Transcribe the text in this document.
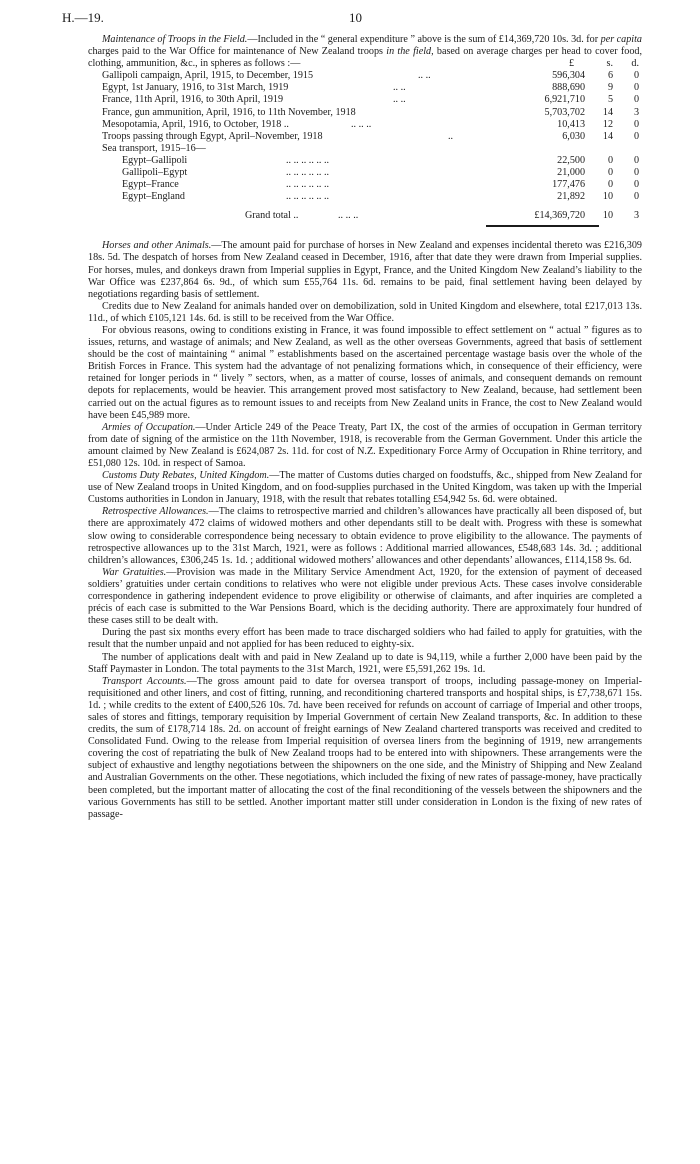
H.—19.	10

Maintenance of Troops in the Field.—Included in the “ general expenditure ” above is the sum of £14,369,720 10s. 3d. for per capita charges paid to the War Office for maintenance of New Zealand troops in the field, based on average charges per head to cover food, clothing, ammunition, &c., in spheres as follows :—	£	s.	d.
Gallipoli campaign, April, 1915, to December, 1915	.. ..	596,304	6	0
Egypt, 1st January, 1916, to 31st March, 1919	.. ..	888,690	9	0
France, 11th April, 1916, to 30th April, 1919	.. ..	6,921,710	5	0
France, gun ammunition, April, 1916, to 11th November, 1918	5,703,702	14	3
Mesopotamia, April, 1916, to October, 1918 ..	.. .. ..	10,413	12	0
Troops passing through Egypt, April–November, 1918	..	6,030	14	0
Sea transport, 1915–16—
Egypt–Gallipoli	.. .. .. .. .. ..	22,500	0	0
Gallipoli–Egypt	.. .. .. .. .. ..	21,000	0	0
Egypt–France	.. .. .. .. .. ..	177,476	0	0
Egypt–England	.. .. .. .. .. ..	21,892	10	0
Grand total ..	.. .. ..	£14,369,720	10	3

Horses and other Animals.—The amount paid for purchase of horses in New Zealand and expenses incidental thereto was £216,309 18s. 5d. The despatch of horses from New Zealand ceased in December, 1916, after that date they were drawn from Imperial supplies. For horses, mules, and donkeys drawn from Imperial supplies in Egypt, France, and the United Kingdom New Zealand’s liability to the War Office was £237,864 6s. 9d., of which sum £55,764 11s. 6d. remains to be paid, final settlement having been delayed by negotiations regarding basis of settlement.

Credits due to New Zealand for animals handed over on demobilization, sold in United Kingdom and elsewhere, total £217,013 13s. 11d., of which £105,121 14s. 6d. is still to be received from the War Office.

For obvious reasons, owing to conditions existing in France, it was found impossible to effect settlement on “ actual ” figures as to issues, returns, and wastage of animals; and New Zealand, as well as the other overseas Governments, agreed that basis of settlement should be the cost of maintaining “ animal ” establishments based on the ascertained percentage wastage basis over the whole of the British Forces in France. This system had the advantage of not penalizing formations which, in consequence of their efficiency, were retained for longer periods in “ lively ” sectors, when, as a matter of course, losses of animals, and consequent demands on remount depots for replacements, would be heavier. This arrangement proved most satisfactory to New Zealand, because, had settlement been carried out on the actual figures as to remount issues to and receipts from New Zealand units in France, the cost to New Zealand would have been £45,989 more.

Armies of Occupation.—Under Article 249 of the Peace Treaty, Part IX, the cost of the armies of occupation in German territory from date of signing of the armistice on the 11th November, 1918, is recoverable from the German Government. Under this article the amount claimed by New Zealand is £624,087 2s. 11d. for cost of N.Z. Expeditionary Force Army of Occupation in Rhine territory, and £51,080 12s. 10d. in respect of Samoa.

Customs Duty Rebates, United Kingdom.—The matter of Customs duties charged on foodstuffs, &c., shipped from New Zealand for use of New Zealand troops in United Kingdom, and on food-supplies purchased in the United Kingdom, was taken up with the Imperial Customs authorities in London in January, 1918, with the result that rebates totalling £54,942 5s. 6d. were obtained.

Retrospective Allowances.—The claims to retrospective married and children’s allowances have practically all been disposed of, but there are approximately 472 claims of widowed mothers and other dependants still to be dealt with. Progress with these is somewhat slow owing to considerable correspondence being necessary to obtain evidence to prove eligibility to the allowance. The payments of retrospective allowances up to the 31st March, 1921, were as follows : Additional married allowances, £548,683 14s. 3d. ; additional children’s allowances, £306,245 1s. 1d. ; additional widowed mothers’ allowances and other dependants’ allowances, £114,158 9s. 6d.

War Gratuities.—Provision was made in the Military Service Amendment Act, 1920, for the extension of payment of deceased soldiers’ gratuities under certain conditions to relatives who were not eligible under previous Acts. These cases involve considerable correspondence in gathering independent evidence to prove eligibility or otherwise of claimants, and after inquiries are completed a précis of each case is submitted to the War Pensions Board, which is the deciding authority. There are approximately four hundred of these cases still to be dealt with.

During the past six months every effort has been made to trace discharged soldiers who had failed to apply for gratuities, with the result that the number unpaid and not applied for has been reduced to eighty-six.

The number of applications dealt with and paid in New Zealand up to date is 94,119, while a further 2,000 have been paid by the Staff Paymaster in London. The total payments to the 31st March, 1921, were £5,591,262 19s. 1d.

Transport Accounts.—The gross amount paid to date for oversea transport of troops, including passage-money on Imperial-requisitioned and other liners, and cost of fitting, running, and reconditioning chartered transports and hospital ships, is £7,738,671 15s. 1d. ; while credits to the extent of £400,526 10s. 7d. have been received for refunds on account of carriage of Imperial and other troops, sales of stores and fittings, temporary requisition by Imperial Government of certain New Zealand transports, &c. In addition to these credits, the sum of £178,714 18s. 2d. on account of freight earnings of New Zealand chartered transports was received and credited to Consolidated Fund. Owing to the release from Imperial requisition of oversea liners from the beginning of 1919, new arrangements covering the cost of repatriating the bulk of New Zealand troops had to be entered into with shipowners. These arrangements were the subject of exhaustive and lengthy negotiations between the shipowners on the one side, and the Ministry of Shipping and New Zealand and Australian Governments on the other. These negotiations, which included the fixing of new rates of passage-money, have practically been completed, but the important matter of allocating the cost of the final reconditioning of the vessels between the shipowners and the various Governments has still to be settled. Another important matter still under consideration in London is the fixing of new rates of passage-
